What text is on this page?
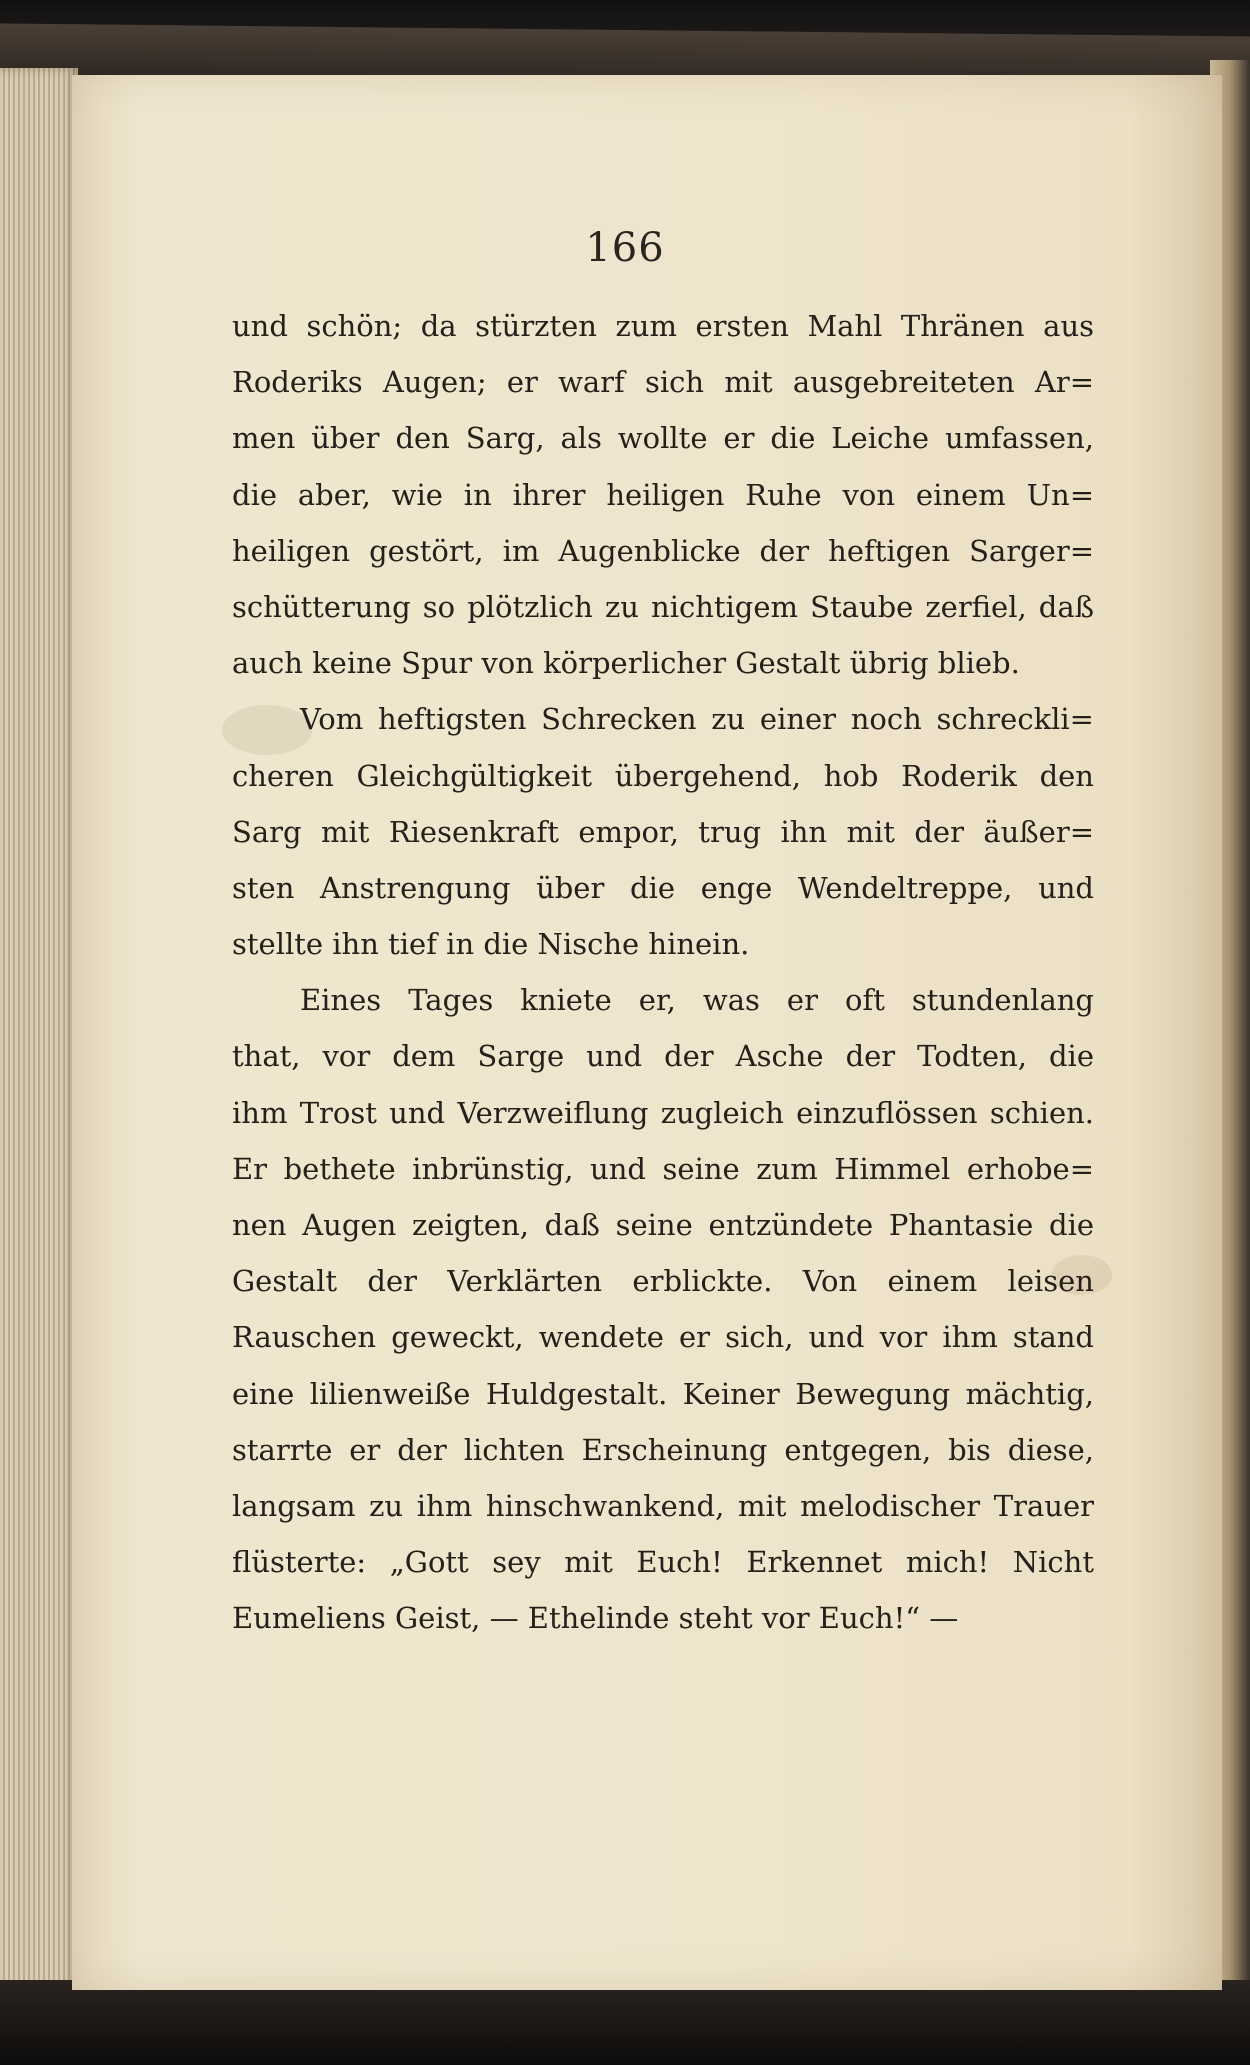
166
und schön; da stürzten zum ersten Mahl Thränen aus
Roderiks Augen; er warf sich mit ausgebreiteten Ar=
men über den Sarg, als wollte er die Leiche umfassen,
die aber, wie in ihrer heiligen Ruhe von einem Un=
heiligen gestört, im Augenblicke der heftigen Sarger=
schütterung so plötzlich zu nichtigem Staube zerfiel, daß
auch keine Spur von körperlicher Gestalt übrig blieb.
Vom heftigsten Schrecken zu einer noch schreckli=
cheren Gleichgültigkeit übergehend, hob Roderik den
Sarg mit Riesenkraft empor, trug ihn mit der äußer=
sten Anstrengung über die enge Wendeltreppe, und
stellte ihn tief in die Nische hinein.
Eines Tages kniete er, was er oft stundenlang
that, vor dem Sarge und der Asche der Todten, die
ihm Trost und Verzweiflung zugleich einzuflössen schien.
Er bethete inbrünstig, und seine zum Himmel erhobe=
nen Augen zeigten, daß seine entzündete Phantasie die
Gestalt der Verklärten erblickte. Von einem leisen
Rauschen geweckt, wendete er sich, und vor ihm stand
eine lilienweiße Huldgestalt. Keiner Bewegung mächtig,
starrte er der lichten Erscheinung entgegen, bis diese,
langsam zu ihm hinschwankend, mit melodischer Trauer
flüsterte: „Gott sey mit Euch! Erkennet mich! Nicht
Eumeliens Geist, — Ethelinde steht vor Euch!“ —
